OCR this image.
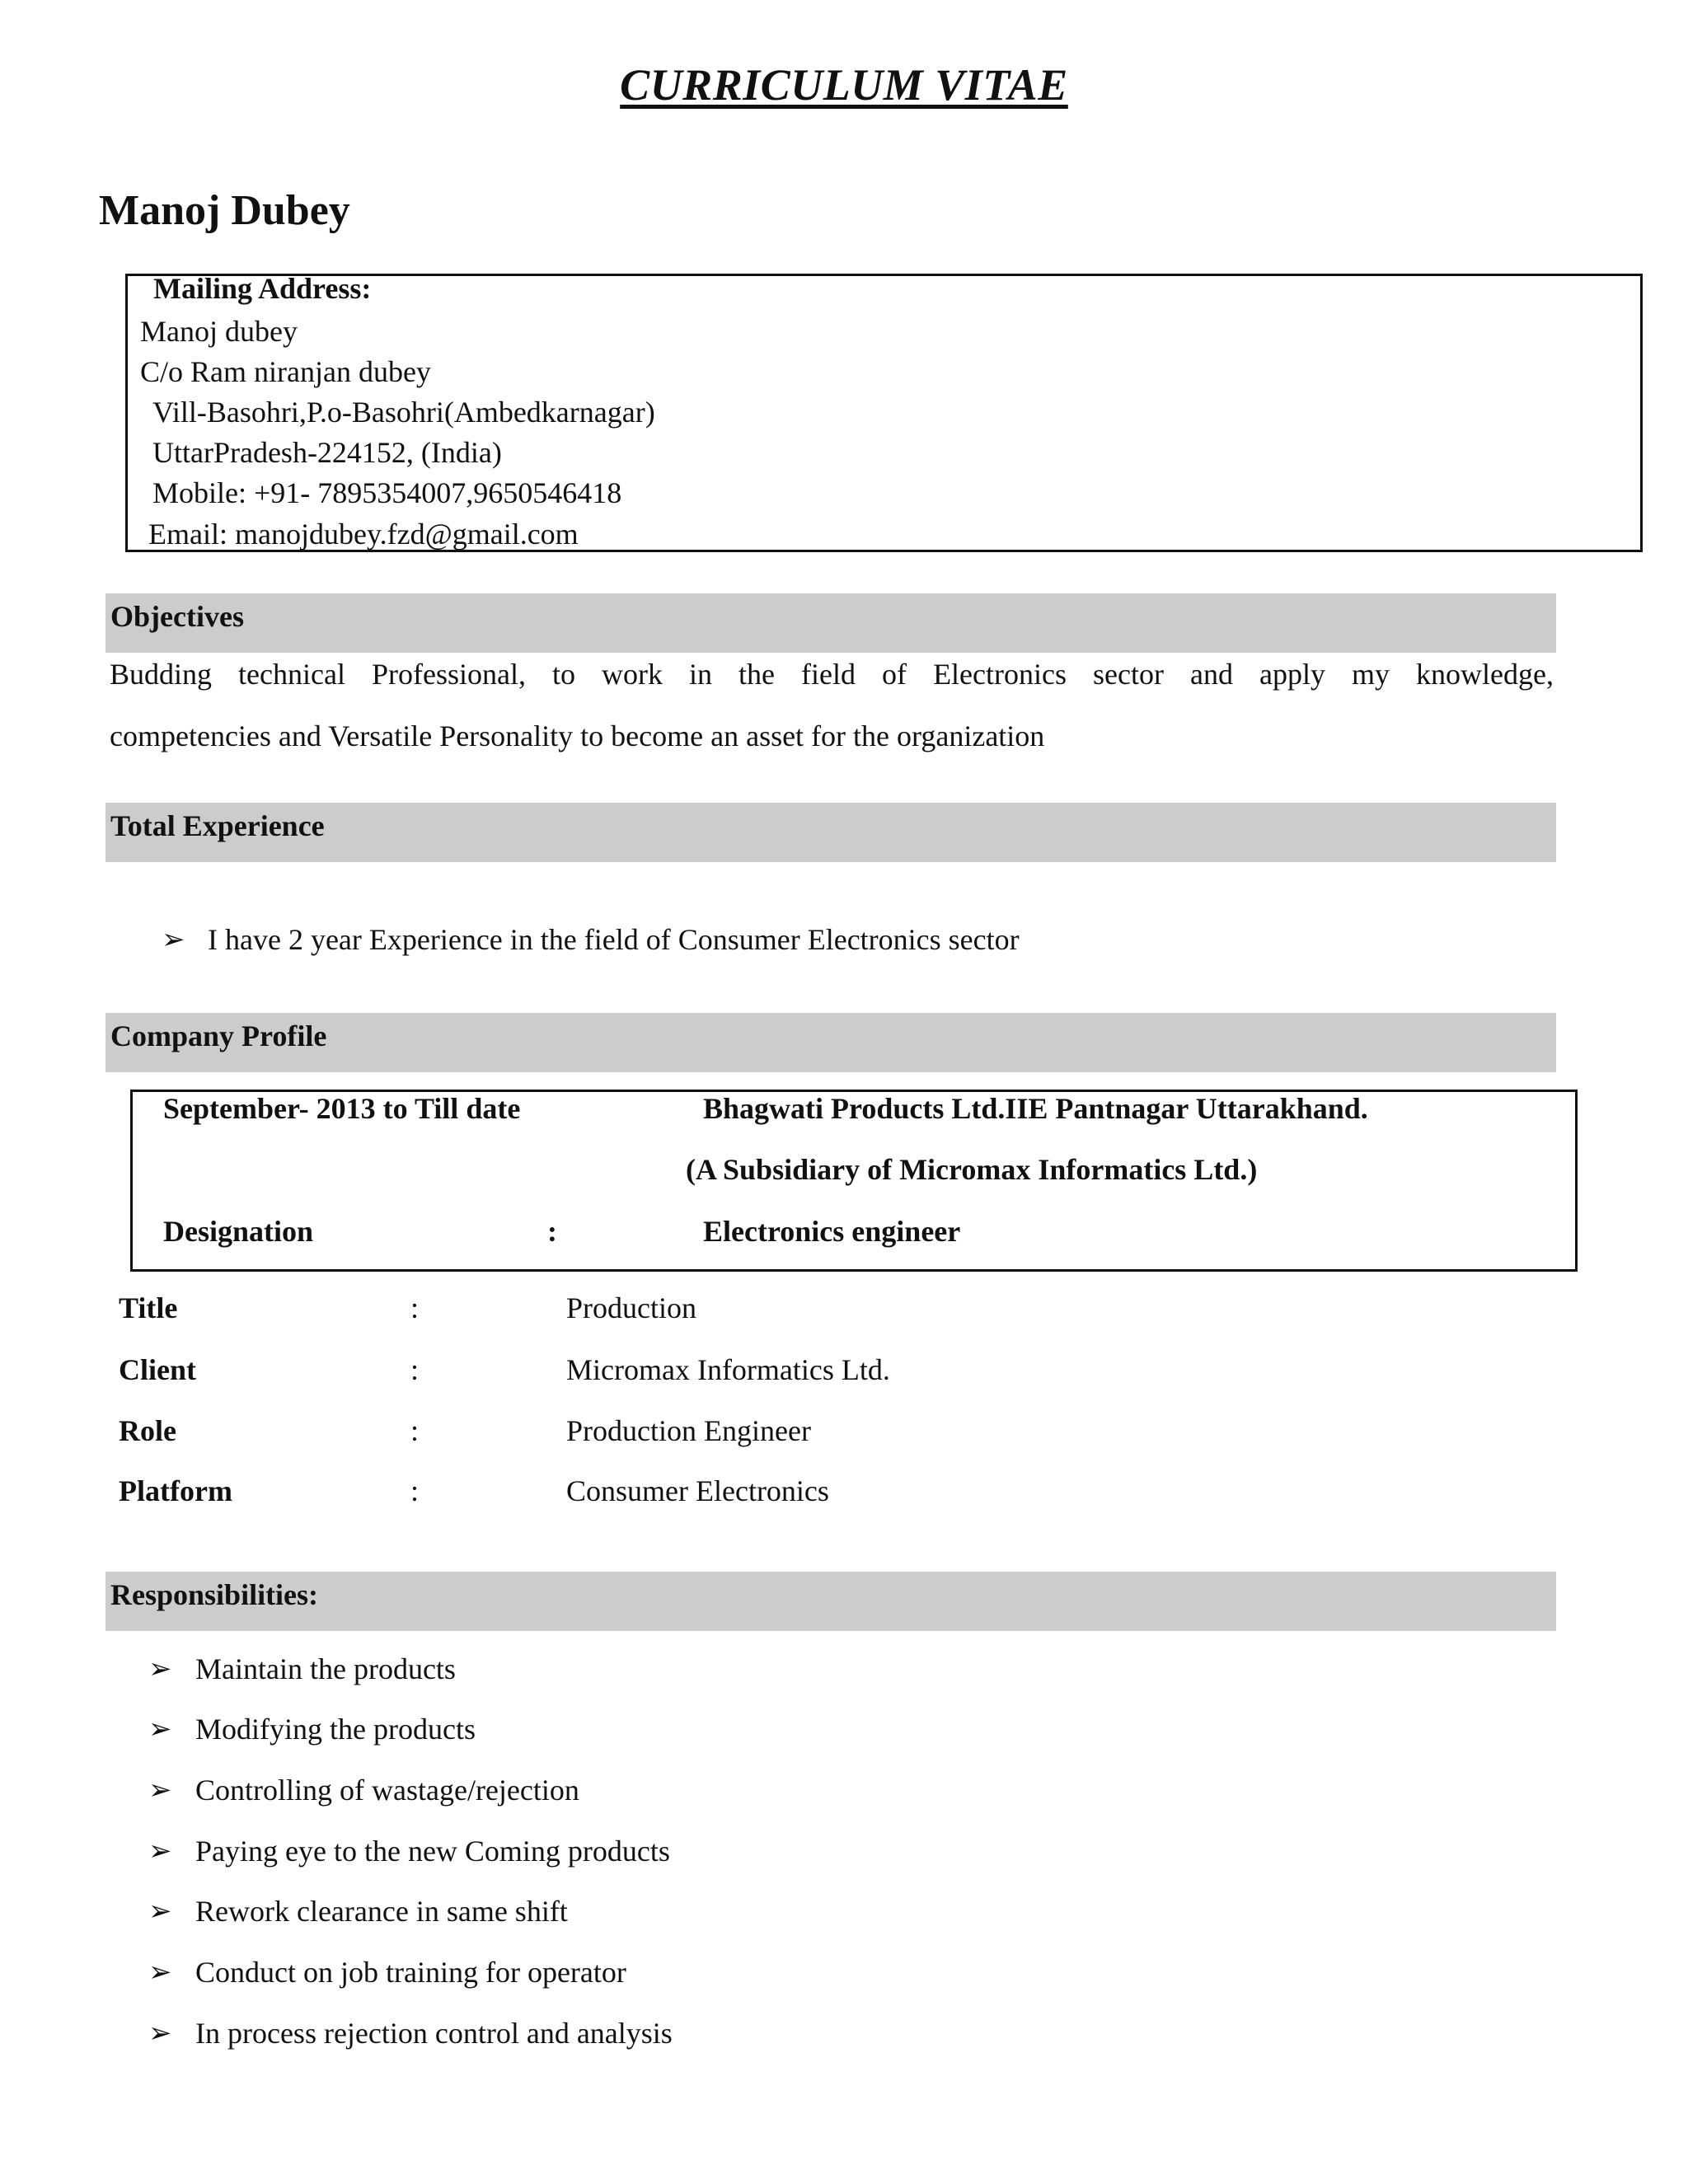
CURRICULUM VITAE
Manoj Dubey
Mailing Address:
Manoj dubey
C/o Ram niranjan dubey
Vill-Basohri,P.o-Basohri(Ambedkarnagar)
UttarPradesh-224152, (India)
Mobile: +91- 7895354007,9650546418
Email: manojdubey.fzd@gmail.com
Objectives
Budding technical Professional, to work in the field of Electronics sector and apply my knowledge,
competencies and Versatile Personality to become an asset for the organization
Total Experience
➢ I have 2 year Experience in the field of Consumer Electronics sector
Company Profile
September- 2013 to Till date	Bhagwati Products Ltd.IIE Pantnagar Uttarakhand.
(A Subsidiary of Micromax Informatics Ltd.)
Designation	:	Electronics engineer
Title	:	Production
Client	:	Micromax Informatics Ltd.
Role	:	Production Engineer
Platform	:	Consumer Electronics
Responsibilities:
➢ Maintain the products
➢ Modifying the products
➢ Controlling of wastage/rejection
➢ Paying eye to the new Coming products
➢ Rework clearance in same shift
➢ Conduct on job training for operator
➢ In process rejection control and analysis
